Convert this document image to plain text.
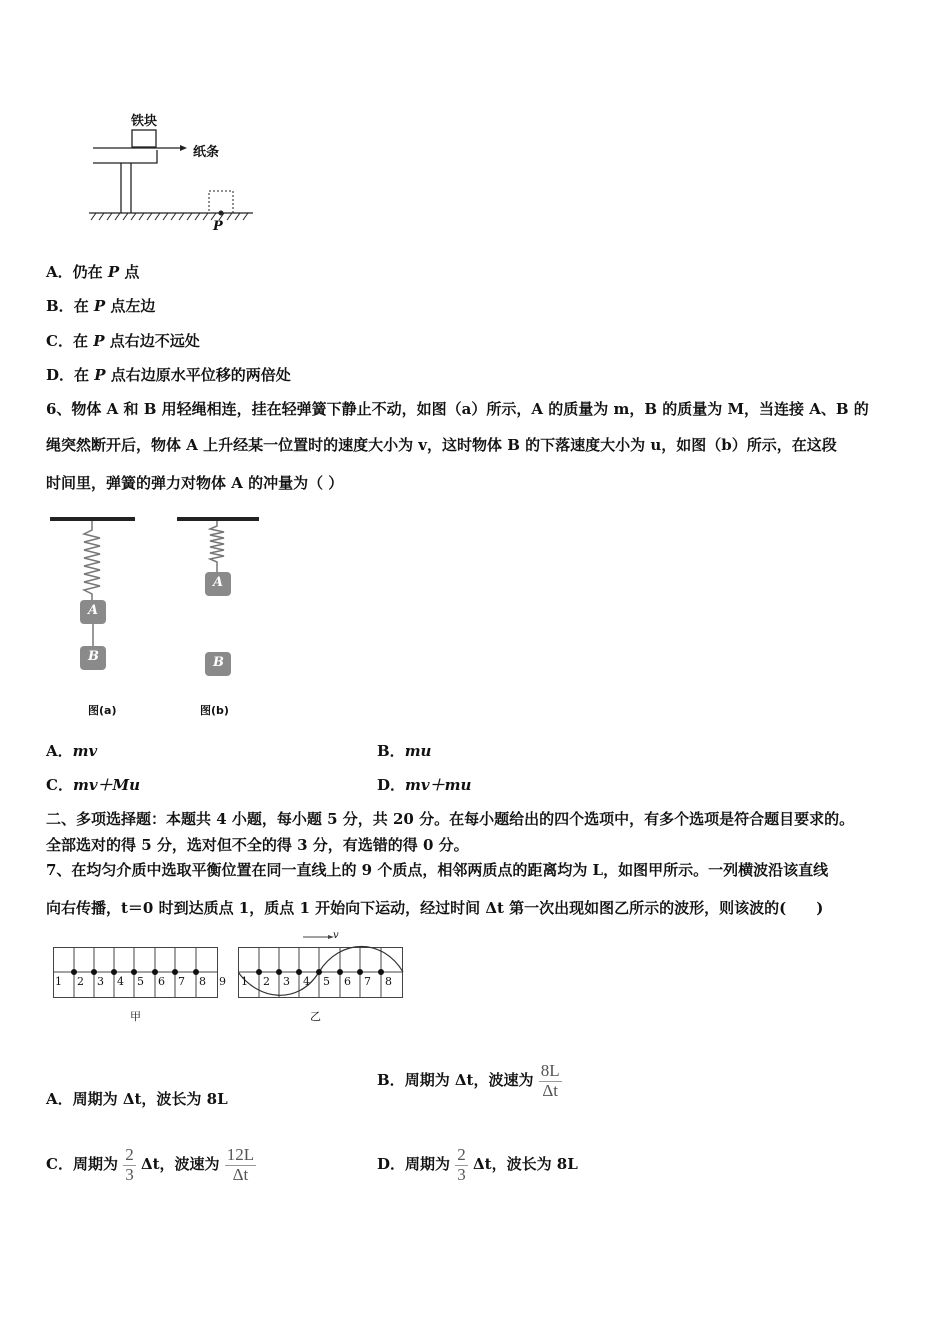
铁块
纸条
P
A．仍在 P 点
B．在 P 点左边
C．在 P 点右边不远处
D．在 P 点右边原水平位移的两倍处
6、物体 A 和 B 用轻绳相连，挂在轻弹簧下静止不动，如图（a）所示，A 的质量为 m，B 的质量为 M，当连接 A、B 的
绳突然断开后，物体 A 上升经某一位置时的速度大小为 v，这时物体 B 的下落速度大小为 u，如图（b）所示，在这段
时间里，弹簧的弹力对物体 A 的冲量为（ ）
A
B
A
B
图(a)	图(b)
A．mv	B．mu
C．mv＋Mu	D．mv＋mu
二、多项选择题：本题共 4 小题，每小题 5 分，共 20 分。在每小题给出的四个选项中，有多个选项是符合题目要求的。
全部选对的得 5 分，选对但不全的得 3 分，有选错的得 0 分。
7、在均匀介质中选取平衡位置在同一直线上的 9 个质点，相邻两质点的距离均为 L，如图甲所示。一列横波沿该直线
向右传播，t＝0 时到达质点 1，质点 1 开始向下运动，经过时间 Δt 第一次出现如图乙所示的波形，则该波的(　　)
1 2 3 4 5 6 7 8 9
甲
v
1 2 3 4 5 6 7 8
乙
A．周期为 Δt，波长为 8L
B．周期为 Δt，波速为 $\frac{8L}{\Delta t}$
C．周期为 $\frac{2}{3}$ Δt，波速为 $\frac{12L}{\Delta t}$	D．周期为 $\frac{2}{3}$ Δt，波长为 8L
